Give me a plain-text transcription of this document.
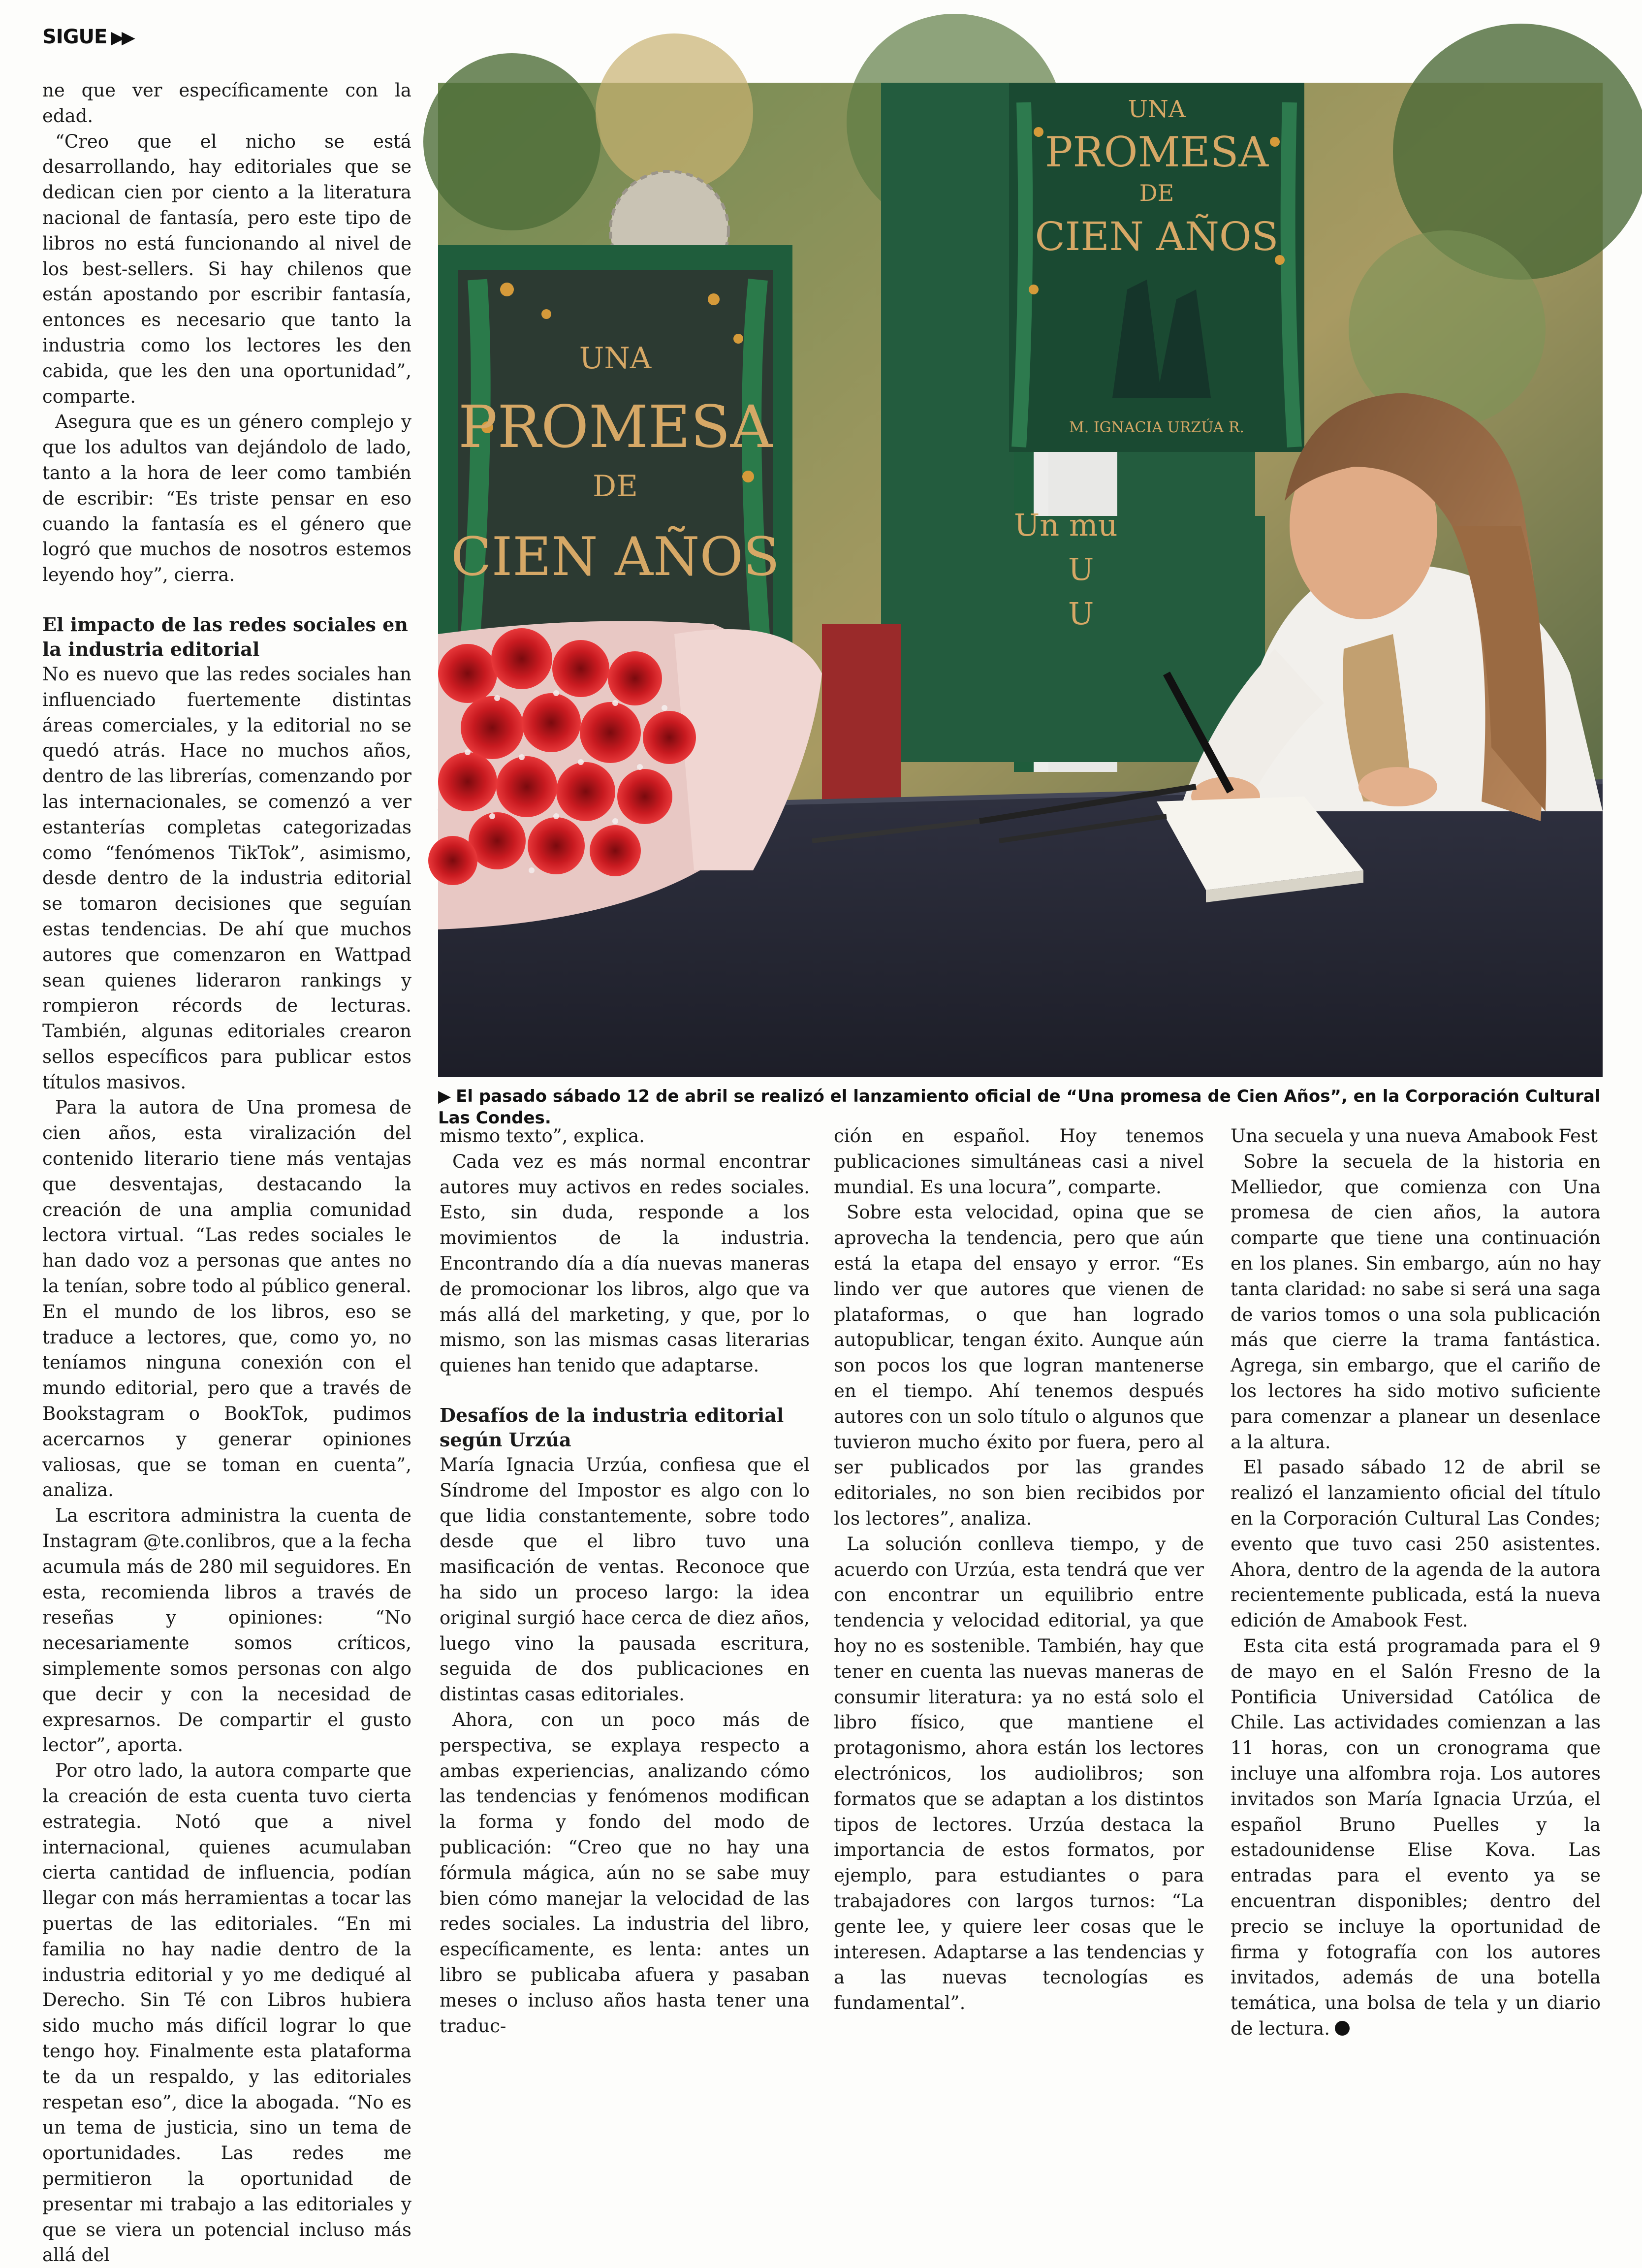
SIGUE ▶▶

ne que ver específicamente con la edad.

“Creo que el nicho se está desarrollando, hay editoriales que se dedican cien por ciento a la literatura nacional de fantasía, pero este tipo de libros no está funcionando al nivel de los best-sellers. Si hay chilenos que están apostando por escribir fantasía, entonces es necesario que tanto la industria como los lectores les den cabida, que les den una oportunidad”, comparte.

Asegura que es un género complejo y que los adultos van dejándolo de lado, tanto a la hora de leer como también de escribir: “Es triste pensar en eso cuando la fantasía es el género que logró que muchos de nosotros estemos leyendo hoy”, cierra.

El impacto de las redes sociales en la industria editorial

No es nuevo que las redes sociales han influenciado fuertemente distintas áreas comerciales, y la editorial no se quedó atrás. Hace no muchos años, dentro de las librerías, comenzando por las internacionales, se comenzó a ver estanterías completas categorizadas como “fenómenos TikTok”, asimismo, desde dentro de la industria editorial se tomaron decisiones que seguían estas tendencias. De ahí que muchos autores que comenzaron en Wattpad sean quienes lideraron rankings y rompieron récords de lecturas. También, algunas editoriales crearon sellos específicos para publicar estos títulos masivos.

Para la autora de Una promesa de cien años, esta viralización del contenido literario tiene más ventajas que desventajas, destacando la creación de una amplia comunidad lectora virtual. “Las redes sociales le han dado voz a personas que antes no la tenían, sobre todo al público general. En el mundo de los libros, eso se traduce a lectores, que, como yo, no teníamos ninguna conexión con el mundo editorial, pero que a través de Bookstagram o BookTok, pudimos acercarnos y generar opiniones valiosas, que se toman en cuenta”, analiza.

La escritora administra la cuenta de Instagram @te.conlibros, que a la fecha acumula más de 280 mil seguidores. En esta, recomienda libros a través de reseñas y opiniones: “No necesariamente somos críticos, simplemente somos personas con algo que decir y con la necesidad de expresarnos. De compartir el gusto lector”, aporta.

Por otro lado, la autora comparte que la creación de esta cuenta tuvo cierta estrategia. Notó que a nivel internacional, quienes acumulaban cierta cantidad de influencia, podían llegar con más herramientas a tocar las puertas de las editoriales. “En mi familia no hay nadie dentro de la industria editorial y yo me dediqué al Derecho. Sin Té con Libros hubiera sido mucho más difícil lograr lo que tengo hoy. Finalmente esta plataforma te da un respaldo, y las editoriales respetan eso”, dice la abogada. “No es un tema de justicia, sino un tema de oportunidades. Las redes me permitieron la oportunidad de presentar mi trabajo a las editoriales y que se viera un potencial incluso más allá del

UNA
PROMESA
DE
CIEN AÑOS
UNA
PROMESA
DE
CIEN AÑOS
M. IGNACIA URZÚA R.
Un mu
U
U
▶ El pasado sábado 12 de abril se realizó el lanzamiento oficial de “Una promesa de Cien Años”, en la Corporación Cultural Las Condes.

mismo texto”, explica.

Cada vez es más normal encontrar autores muy activos en redes sociales. Esto, sin duda, responde a los movimientos de la industria. Encontrando día a día nuevas maneras de promocionar los libros, algo que va más allá del marketing, y que, por lo mismo, son las mismas casas literarias quienes han tenido que adaptarse.

Desafíos de la industria editorial según Urzúa

María Ignacia Urzúa, confiesa que el Síndrome del Impostor es algo con lo que lidia constantemente, sobre todo desde que el libro tuvo una masificación de ventas. Reconoce que ha sido un proceso largo: la idea original surgió hace cerca de diez años, luego vino la pausada escritura, seguida de dos publicaciones en distintas casas editoriales.

Ahora, con un poco más de perspectiva, se explaya respecto a ambas experiencias, analizando cómo las tendencias y fenómenos modifican la forma y fondo del modo de publicación: “Creo que no hay una fórmula mágica, aún no se sabe muy bien cómo manejar la velocidad de las redes sociales. La industria del libro, específicamente, es lenta: antes un libro se publicaba afuera y pasaban meses o incluso años hasta tener una traduc-

ción en español. Hoy tenemos publicaciones simultáneas casi a nivel mundial. Es una locura”, comparte.

Sobre esta velocidad, opina que se aprovecha la tendencia, pero que aún está la etapa del ensayo y error. “Es lindo ver que autores que vienen de plataformas, o que han logrado autopublicar, tengan éxito. Aunque aún son pocos los que logran mantenerse en el tiempo. Ahí tenemos después autores con un solo título o algunos que tuvieron mucho éxito por fuera, pero al ser publicados por las grandes editoriales, no son bien recibidos por los lectores”, analiza.

La solución conlleva tiempo, y de acuerdo con Urzúa, esta tendrá que ver con encontrar un equilibrio entre tendencia y velocidad editorial, ya que hoy no es sostenible. También, hay que tener en cuenta las nuevas maneras de consumir literatura: ya no está solo el libro físico, que mantiene el protagonismo, ahora están los lectores electrónicos, los audiolibros; son formatos que se adaptan a los distintos tipos de lectores. Urzúa destaca la importancia de estos formatos, por ejemplo, para estudiantes o para trabajadores con largos turnos: “La gente lee, y quiere leer cosas que le interesen. Adaptarse a las tendencias y a las nuevas tecnologías es fundamental”.

Una secuela y una nueva Amabook Fest

Sobre la secuela de la historia en Melliedor, que comienza con Una promesa de cien años, la autora comparte que tiene una continuación en los planes. Sin embargo, aún no hay tanta claridad: no sabe si será una saga de varios tomos o una sola publicación más que cierre la trama fantástica. Agrega, sin embargo, que el cariño de los lectores ha sido motivo suficiente para comenzar a planear un desenlace a la altura.

El pasado sábado 12 de abril se realizó el lanzamiento oficial del título en la Corporación Cultural Las Condes; evento que tuvo casi 250 asistentes. Ahora, dentro de la agenda de la autora recientemente publicada, está la nueva edición de Amabook Fest.

Esta cita está programada para el 9 de mayo en el Salón Fresno de la Pontificia Universidad Católica de Chile. Las actividades comienzan a las 11 horas, con un cronograma que incluye una alfombra roja. Los autores invitados son María Ignacia Urzúa, el español Bruno Puelles y la estadounidense Elise Kova. Las entradas para el evento ya se encuentran disponibles; dentro del precio se incluye la oportunidad de firma y fotografía con los autores invitados, además de una botella temática, una bolsa de tela y un diario de lectura.
